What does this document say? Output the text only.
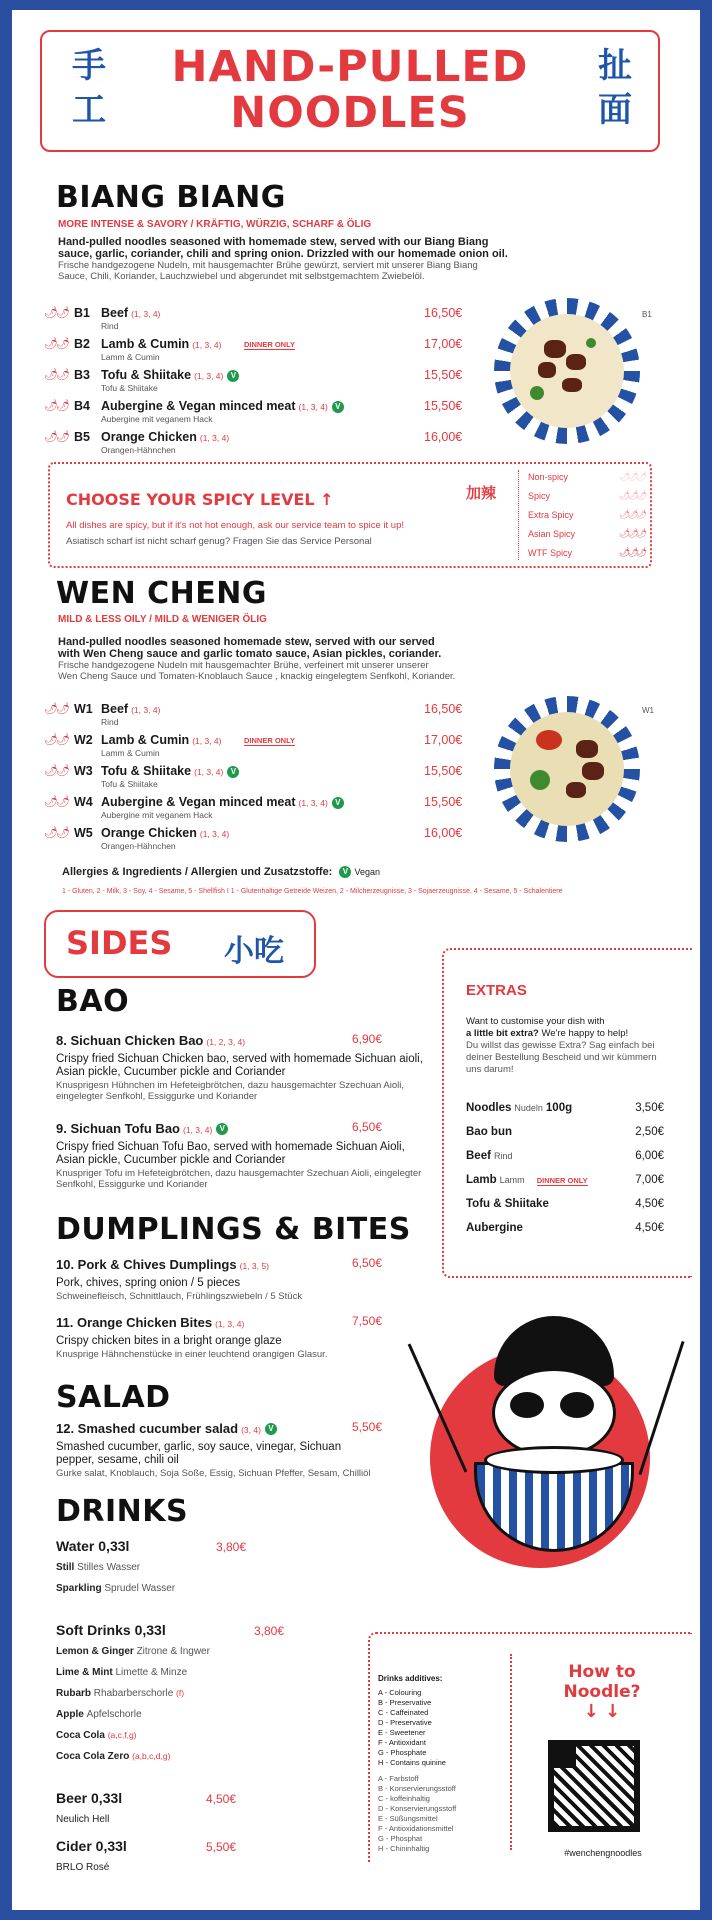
HAND-PULLED
NOODLES
手
工
扯
面
BIANG BIANG
MORE INTENSE & SAVORY / KRÄFTIG, WÜRZIG, SCHARF & ÖLIG
Hand-pulled noodles seasoned with homemade stew, served with our Biang Biang
sauce, garlic, coriander, chili and spring onion. Drizzled with our homemade onion oil.
Frische handgezogene Nudeln, mit hausgemachter Brühe gewürzt, serviert mit unserer Biang Biang
Sauce, Chili, Koriander, Lauchzwiebel und abgerundet mit selbstgemachtem Zwiebelöl.
🌶🌶 B1 Beef (1, 3, 4)
Rind
16,50€
🌶🌶 B2 Lamb & Cumin (1, 3, 4)	DINNER ONLY
Lamm & Cumin
17,00€
🌶🌶 B3 Tofu & Shiitake (1, 3, 4) V
Tofu & Shiitake
15,50€
🌶🌶 B4 Aubergine & Vegan minced meat (1, 3, 4) V
Aubergine mit veganem Hack
15,50€
🌶🌶 B5 Orange Chicken (1, 3, 4)
Orangen-Hähnchen
16,00€
B1
CHOOSE YOUR SPICY LEVEL ↑	加辣
All dishes are spicy, but if it's not hot enough, ask our service team to spice it up!
Asiatisch scharf ist nicht scharf genug? Fragen Sie das Service Personal
Non-spicy	🌶🌶🌶
Spicy	🌶🌶🌶
Extra Spicy	🌶🌶🌶
Asian Spicy	🌶🌶🌶
WTF Spicy	🌶🌶🌶
WEN CHENG
MILD & LESS OILY / MILD & WENIGER ÖLIG
Hand-pulled noodles seasoned homemade stew, served with our served
with Wen Cheng sauce and garlic tomato sauce, Asian pickles, coriander.
Frische handgezogene Nudeln mit hausgemachter Brühe, verfeinert mit unserer unserer
Wen Cheng Sauce und Tomaten-Knoblauch Sauce , knackig eingelegtem Senfkohl, Koriander.
🌶🌶 W1 Beef (1, 3, 4)
Rind
16,50€
🌶🌶 W2 Lamb & Cumin (1, 3, 4)	DINNER ONLY
Lamm & Cumin
17,00€
🌶🌶 W3 Tofu & Shiitake (1, 3, 4) V
Tofu & Shiitake
15,50€
🌶🌶 W4 Aubergine & Vegan minced meat (1, 3, 4) V
Aubergine mit veganem Hack
15,50€
🌶🌶 W5 Orange Chicken (1, 3, 4)
Orangen-Hähnchen
16,00€
W1
Allergies & Ingredients / Allergien und Zusatzstoffe: V Vegan
1 - Gluten, 2 - Milk, 3 - Soy, 4 - Sesame, 5 - Shellfish I 1 - Glutenhaltige Getreide Weizen, 2 - Milcherzeugnisse, 3 - Sojaerzeugnisse, 4 - Sesame, 5 - Schalentiere
SIDES 小吃
BAO
8. Sichuan Chicken Bao (1, 2, 3, 4)	6,90€
Crispy fried Sichuan Chicken bao, served with homemade Sichuan aioli, Asian pickle, Cucumber pickle and Coriander
Knusprigesn Hühnchen im Hefeteigbrötchen, dazu hausgemachter Szechuan Aioli, eingelegter Senfkohl, Essiggurke und Koriander
9. Sichuan Tofu Bao (1, 3, 4) V	6,50€
Crispy fried Sichuan Tofu Bao, served with homemade Sichuan Aioli, Asian pickle, Cucumber pickle and Coriander
Knuspriger Tofu im Hefeteigbrötchen, dazu hausgemachter Szechuan Aioli, eingelegter Senfkohl, Essiggurke und Koriander
EXTRAS
Want to customise your dish with
a little bit extra? We're happy to help!
Du willst das gewisse Extra? Sag einfach bei deiner Bestellung Bescheid und wir kümmern uns darum!
Noodles Nudeln 100g	3,50€
Bao bun	2,50€
Beef Rind	6,00€
Lamb Lamm DINNER ONLY	7,00€
Tofu & Shiitake	4,50€
Aubergine	4,50€
DUMPLINGS & BITES
10. Pork & Chives Dumplings (1, 3, 5)	6,50€
Pork, chives, spring onion / 5 pieces
Schweinefleisch, Schnittlauch, Frühlingszwiebeln / 5 Stück
11. Orange Chicken Bites (1, 3, 4)	7,50€
Crispy chicken bites in a bright orange glaze
Knusprige Hähnchenstücke in einer leuchtend orangigen Glasur.
SALAD
12. Smashed cucumber salad (3, 4) V	5,50€
Smashed cucumber, garlic, soy sauce, vinegar, Sichuan pepper, sesame, chili oil
Gurke salat, Knoblauch, Soja Soße, Essig, Sichuan Pfeffer, Sesam, Chilliöl
DRINKS
Water 0,33l	3,80€
Still Stilles Wasser
Sparkling Sprudel Wasser
Soft Drinks 0,33l	3,80€
Lemon & Ginger Zitrone & Ingwer
Lime & Mint Limette & Minze
Rubarb Rhabarberschorle (f)
Apple Apfelschorle
Coca Cola (a,c,f,g)
Coca Cola Zero (a,b,c,d,g)
Beer 0,33l	4,50€
Neulich Hell
Cider 0,33l	5,50€
BRLO Rosé
Drinks additives:
A - Colouring
B - Preservative
C - Caffeinated
D - Preservative
E - Sweetener
F - Antioxidant
G - Phosphate
H - Contains quinine
A - Farbstoff
B - Konservierungsstoff
C - koffeinhaltig
D - Konservierungsstoff
E - Süßungsmittel
F - Antioxidationsmittel
G - Phosphat
H - Chininhaltig
How to
Noodle?
↓ ↓
#wenchengnoodles
